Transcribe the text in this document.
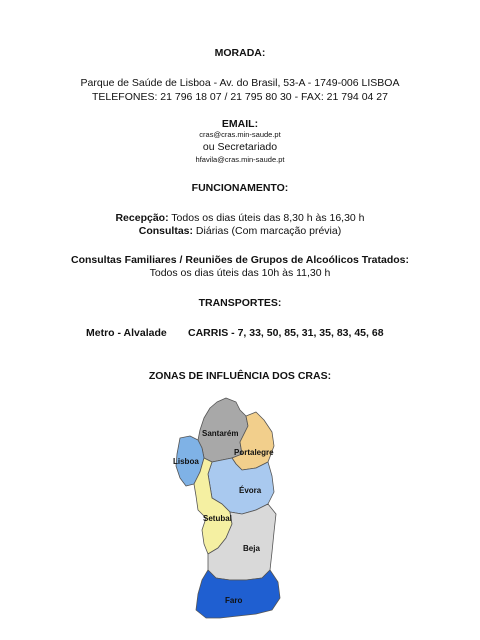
MORADA:
Parque de Saúde de Lisboa - Av. do Brasil, 53-A - 1749-006 LISBOA
TELEFONES: 21 796 18 07 / 21 795 80 30 - FAX: 21 794 04 27
EMAIL:
cras@cras.min-saude.pt
ou Secretariado
hfavila@cras.min-saude.pt
FUNCIONAMENTO:
Recepção: Todos os dias úteis das 8,30 h às 16,30 h
Consultas: Diárias (Com marcação prévia)
Consultas Familiares / Reuniões de Grupos de Alcoólicos Tratados:
Todos os dias úteis das 10h às 11,30 h
TRANSPORTES:
Metro - Alvalade CARRIS - 7, 33, 50, 85, 31, 35, 83, 45, 68
ZONAS DE INFLUÊNCIA DOS CRAS:
Santarém
Portalegre
Lisboa
Évora
Setubal
Beja
Faro
